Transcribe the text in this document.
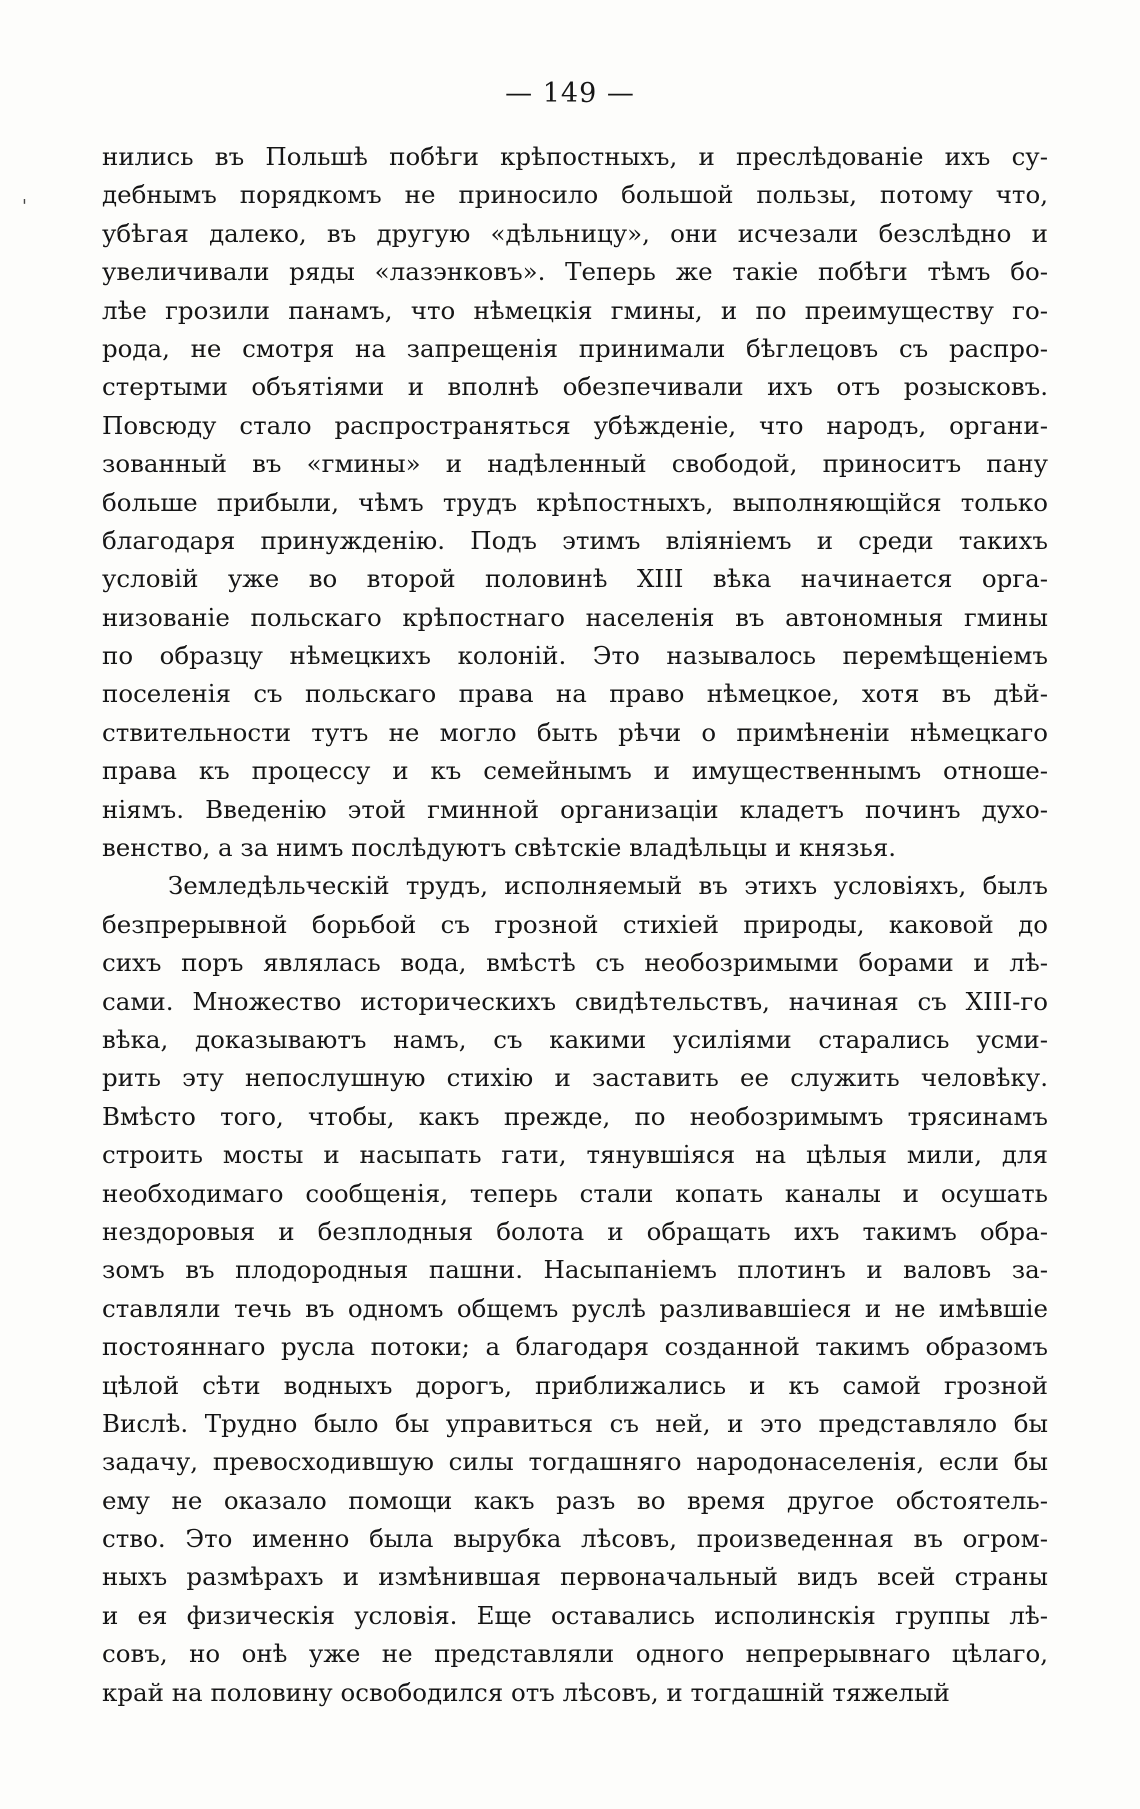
'
— 149 —
нились въ Польшѣ побѣги крѣпостныхъ, и преслѣдованіе ихъ су-
дебнымъ порядкомъ не приносило большой пользы, потому что,
убѣгая далеко, въ другую «дѣльницу», они исчезали безслѣдно и
увеличивали ряды «лазэнковъ». Теперь же такіе побѣги тѣмъ бо-
лѣе грозили панамъ, что нѣмецкія гмины, и по преимуществу го-
рода, не смотря на запрещенія принимали бѣглецовъ съ распро-
стертыми объятіями и вполнѣ обезпечивали ихъ отъ розысковъ.
Повсюду стало распространяться убѣжденіе, что народъ, органи-
зованный въ «гмины» и надѣленный свободой, приноситъ пану
больше прибыли, чѣмъ трудъ крѣпостныхъ, выполняющійся только
благодаря принужденію. Подъ этимъ вліяніемъ и среди такихъ
условій уже во второй половинѣ XIII вѣка начинается орга-
низованіе польскаго крѣпостнаго населенія въ автономныя гмины
по образцу нѣмецкихъ колоній. Это называлось перемѣщеніемъ
поселенія съ польскаго права на право нѣмецкое, хотя въ дѣй-
ствительности тутъ не могло быть рѣчи о примѣненіи нѣмецкаго
права къ процессу и къ семейнымъ и имущественнымъ отноше-
ніямъ. Введенію этой гминной организаціи кладетъ починъ духо-
венство, а за нимъ послѣдуютъ свѣтскіе владѣльцы и князья.
Земледѣльческій трудъ, исполняемый въ этихъ условіяхъ, былъ
безпрерывной борьбой съ грозной стихіей природы, каковой до
сихъ поръ являлась вода, вмѣстѣ съ необозримыми борами и лѣ-
сами. Множество историческихъ свидѣтельствъ, начиная съ XIII-го
вѣка, доказываютъ намъ, съ какими усиліями старались усми-
рить эту непослушную стихію и заставить ее служить человѣку.
Вмѣсто того, чтобы, какъ прежде, по необозримымъ трясинамъ
строить мосты и насыпать гати, тянувшіяся на цѣлыя мили, для
необходимаго сообщенія, теперь стали копать каналы и осушать
нездоровыя и безплодныя болота и обращать ихъ такимъ обра-
зомъ въ плодородныя пашни. Насыпаніемъ плотинъ и валовъ за-
ставляли течь въ одномъ общемъ руслѣ разливавшіеся и не имѣвшіе
постояннаго русла потоки; а благодаря созданной такимъ образомъ
цѣлой сѣти водныхъ дорогъ, приближались и къ самой грозной
Вислѣ. Трудно было бы управиться съ ней, и это представляло бы
задачу, превосходившую силы тогдашняго народонаселенія, если бы
ему не оказало помощи какъ разъ во время другое обстоятель-
ство. Это именно была вырубка лѣсовъ, произведенная въ огром-
ныхъ размѣрахъ и измѣнившая первоначальный видъ всей страны
и ея физическія условія. Еще оставались исполинскія группы лѣ-
совъ, но онѣ уже не представляли одного непрерывнаго цѣлаго,
край на половину освободился отъ лѣсовъ, и тогдашній тяжелый
